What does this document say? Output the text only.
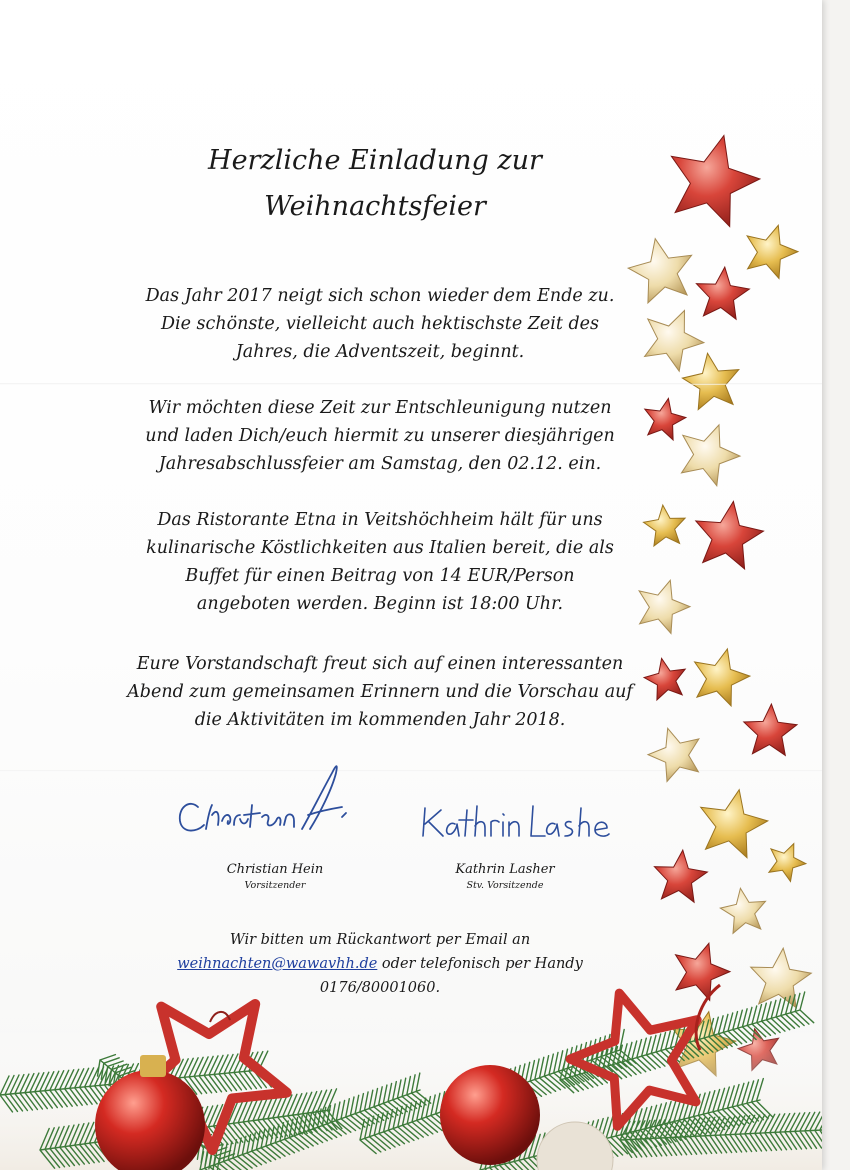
Herzliche Einladung zur
Weihnachtsfeier
Das Jahr 2017 neigt sich schon wieder dem Ende zu.
Die schönste, vielleicht auch hektischste Zeit des
Jahres, die Adventszeit, beginnt.
Wir möchten diese Zeit zur Entschleunigung nutzen
und laden Dich/euch hiermit zu unserer diesjährigen
Jahresabschlussfeier am Samstag, den 02.12. ein.
Das Ristorante Etna in Veitshöchheim hält für uns
kulinarische Köstlichkeiten aus Italien bereit, die als
Buffet für einen Beitrag von 14 EUR/Person
angeboten werden. Beginn ist 18:00 Uhr.
Eure Vorstandschaft freut sich auf einen interessanten
Abend zum gemeinsamen Erinnern und die Vorschau auf
die Aktivitäten im kommenden Jahr 2018.
Christian Hein
Vorsitzender
Kathrin Lasher
Stv. Vorsitzende
Wir bitten um Rückantwort per Email an
weihnachten@wawavhh.de oder telefonisch per Handy
0176/80001060.
